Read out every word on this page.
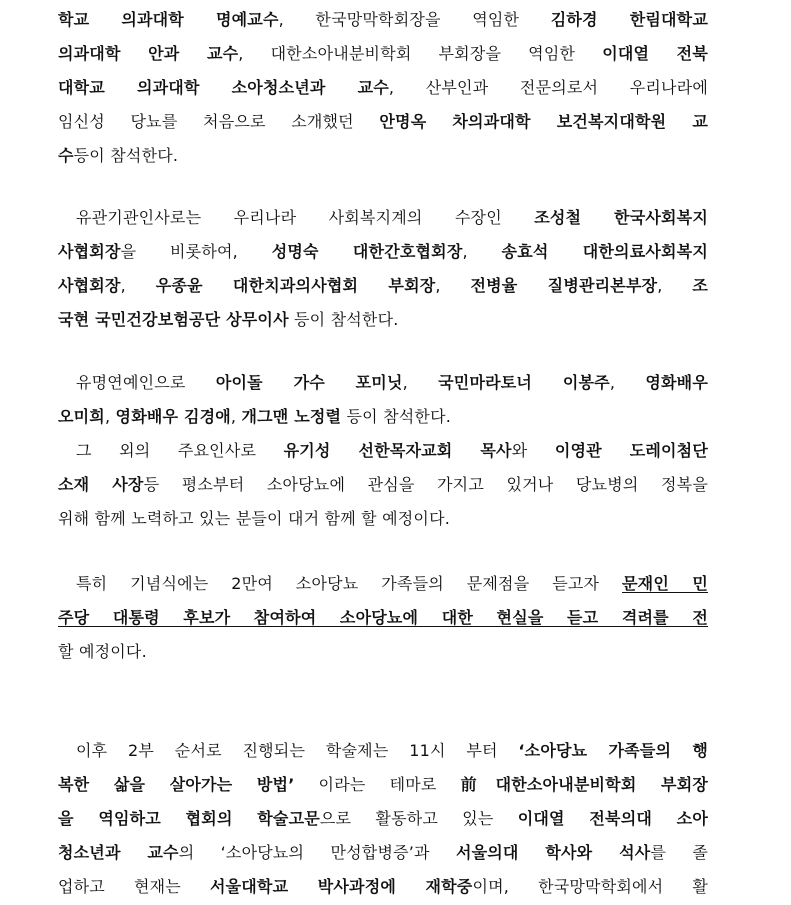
학교 의과대학 명예교수, 한국망막학회장을 역임한 김하경 한림대학교
의과대학 안과 교수, 대한소아내분비학회 부회장을 역임한 이대열 전북
대학교 의과대학 소아청소년과 교수, 산부인과 전문의로서 우리나라에
임신성 당뇨를 처음으로 소개했던 안명옥 차의과대학 보건복지대학원 교
수등이 참석한다.
유관기관인사로는 우리나라 사회복지계의 수장인 조성철 한국사회복지
사협회장을 비롯하여, 성명숙 대한간호협회장, 송효석 대한의료사회복지
사협회장, 우종윤 대한치과의사협회 부회장, 전병율 질병관리본부장, 조
국현 국민건강보험공단 상무이사 등이 참석한다.
유명연예인으로 아이돌 가수 포미닛, 국민마라토너 이봉주, 영화배우
오미희, 영화배우 김경애, 개그맨 노정렬 등이 참석한다.
그 외의 주요인사로 유기성 선한목자교회 목사와 이영관 도레이첨단
소재 사장등 평소부터 소아당뇨에 관심을 가지고 있거나 당뇨병의 정복을
위해 함께 노력하고 있는 분들이 대거 함께 할 예정이다.
특히 기념식에는 2만여 소아당뇨 가족들의 문제점을 듣고자 문재인 민
주당 대통령 후보가 참여하여 소아당뇨에 대한 현실을 듣고 격려를 전
할 예정이다.
이후 2부 순서로 진행되는 학술제는 11시 부터 ‘소아당뇨 가족들의 행
복한 삶을 살아가는 방법’ 이라는 테마로 前대한소아내분비학회 부회장
을 역임하고 협회의 학술고문으로 활동하고 있는 이대열 전북의대 소아
청소년과 교수의 ‘소아당뇨의 만성합병증’과 서울의대 학사와 석사를 졸
업하고 현재는 서울대학교 박사과정에 재학중이며, 한국망막학회에서 활
